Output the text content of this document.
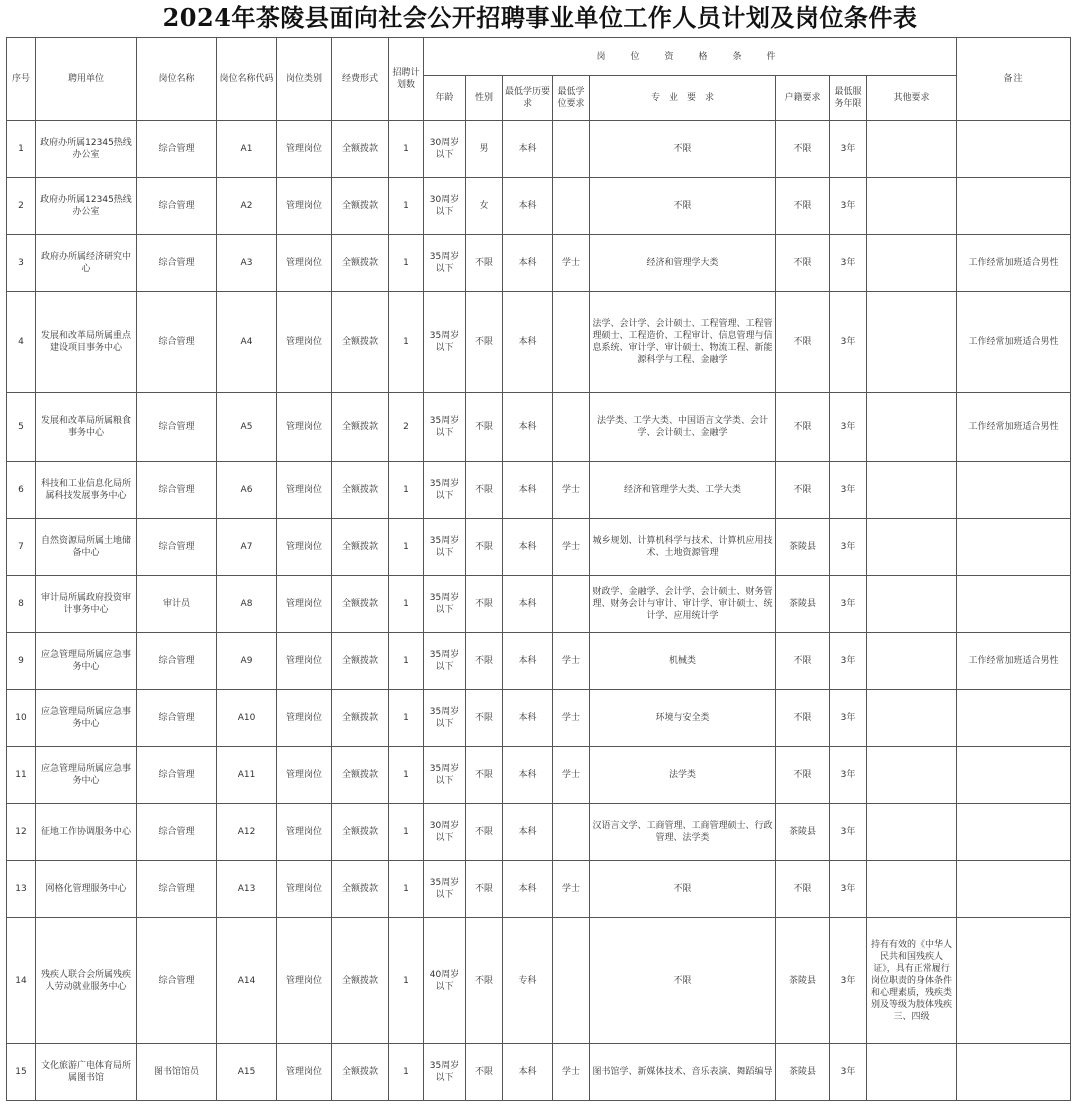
2024年茶陵县面向社会公开招聘事业单位工作人员计划及岗位条件表
序号	聘用单位	岗位名称	岗位名称代码	岗位类别	经费形式	招聘计划数	岗　位　资　格　条　件								备注
							年龄	性别	最低学历要求	最低学位要求	专　业　要　求	户籍要求	最低服务年限	其他要求	
1	政府办所属12345热线办公室	综合管理	A1	管理岗位	全额拨款	1	30周岁以下	男	本科		不限	不限	3年		
2	政府办所属12345热线办公室	综合管理	A2	管理岗位	全额拨款	1	30周岁以下	女	本科		不限	不限	3年		
3	政府办所属经济研究中心	综合管理	A3	管理岗位	全额拨款	1	35周岁以下	不限	本科	学士	经济和管理学大类	不限	3年		工作经常加班适合男性
4	发展和改革局所属重点建设项目事务中心	综合管理	A4	管理岗位	全额拨款	1	35周岁以下	不限	本科		法学、会计学、会计硕士、工程管理、工程管理硕士、工程造价、工程审计、信息管理与信息系统、审计学、审计硕士、物流工程、新能源科学与工程、金融学	不限	3年		工作经常加班适合男性
5	发展和改革局所属粮食事务中心	综合管理	A5	管理岗位	全额拨款	2	35周岁以下	不限	本科		法学类、工学大类、中国语言文学类、会计学、会计硕士、金融学	不限	3年		工作经常加班适合男性
6	科技和工业信息化局所属科技发展事务中心	综合管理	A6	管理岗位	全额拨款	1	35周岁以下	不限	本科	学士	经济和管理学大类、工学大类	不限	3年		
7	自然资源局所属土地储备中心	综合管理	A7	管理岗位	全额拨款	1	35周岁以下	不限	本科	学士	城乡规划、计算机科学与技术、计算机应用技术、土地资源管理	茶陵县	3年		
8	审计局所属政府投资审计事务中心	审计员	A8	管理岗位	全额拨款	1	35周岁以下	不限	本科		财政学、金融学、会计学、会计硕士、财务管理、财务会计与审计、审计学、审计硕士、统计学、应用统计学	茶陵县	3年		
9	应急管理局所属应急事务中心	综合管理	A9	管理岗位	全额拨款	1	35周岁以下	不限	本科	学士	机械类	不限	3年		工作经常加班适合男性
10	应急管理局所属应急事务中心	综合管理	A10	管理岗位	全额拨款	1	35周岁以下	不限	本科	学士	环境与安全类	不限	3年		
11	应急管理局所属应急事务中心	综合管理	A11	管理岗位	全额拨款	1	35周岁以下	不限	本科	学士	法学类	不限	3年		
12	征地工作协调服务中心	综合管理	A12	管理岗位	全额拨款	1	30周岁以下	不限	本科		汉语言文学、工商管理、工商管理硕士、行政管理、法学类	茶陵县	3年		
13	网格化管理服务中心	综合管理	A13	管理岗位	全额拨款	1	35周岁以下	不限	本科	学士	不限	不限	3年		
14	残疾人联合会所属残疾人劳动就业服务中心	综合管理	A14	管理岗位	全额拨款	1	40周岁以下	不限	专科		不限	茶陵县	3年	持有有效的《中华人民共和国残疾人证》，具有正常履行岗位职责的身体条件和心理素质，残疾类别及等级为肢体残疾三、四级	
15	文化旅游广电体育局所属图书馆	图书馆馆员	A15	管理岗位	全额拨款	1	35周岁以下	不限	本科	学士	图书馆学、新媒体技术、音乐表演、舞蹈编导	茶陵县	3年		
